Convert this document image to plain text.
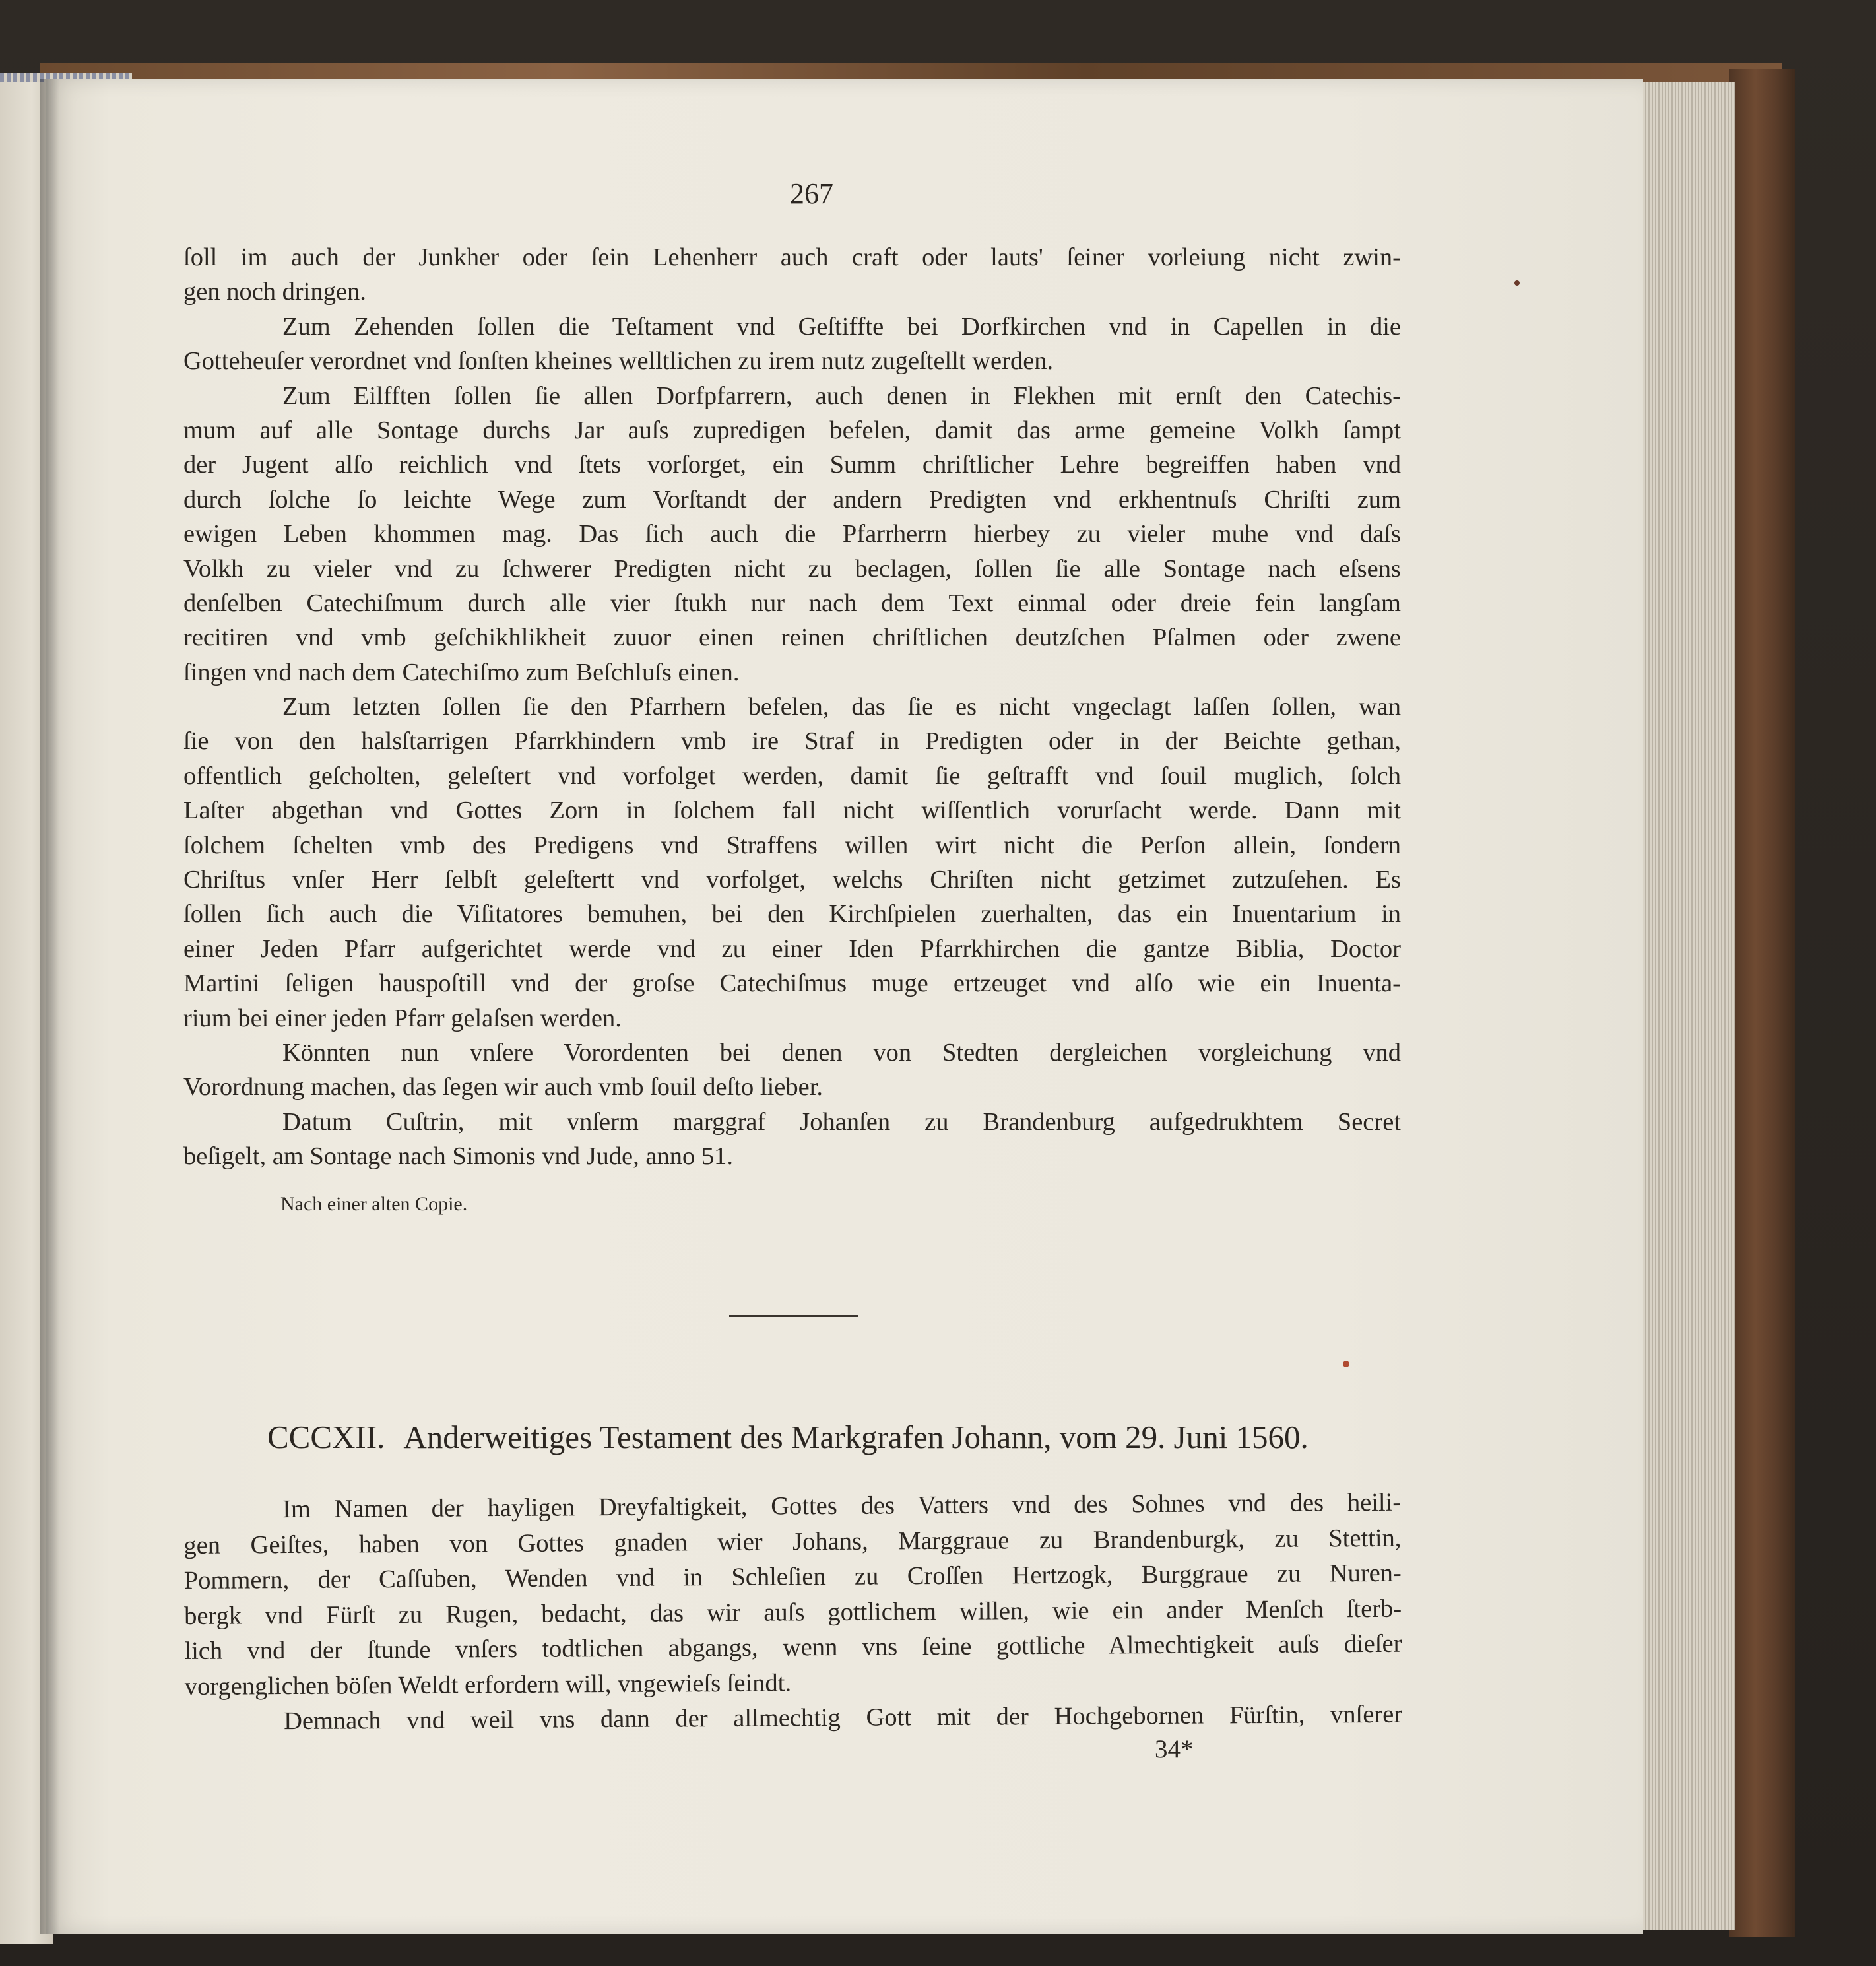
267
ſoll im auch der Junkher oder ſein Lehenherr auch craft oder lauts' ſeiner vorleiung nicht zwin-
gen noch dringen.
Zum Zehenden ſollen die Teſtament vnd Geſtiffte bei Dorfkirchen vnd in Capellen in die
Gotteheuſer verordnet vnd ſonſten kheines welltlichen zu irem nutz zugeſtellt werden.
Zum Eilfften ſollen ſie allen Dorfpfarrern, auch denen in Flekhen mit ernſt den Catechis-
mum auf alle Sontage durchs Jar auſs zupredigen befelen, damit das arme gemeine Volkh ſampt
der Jugent alſo reichlich vnd ſtets vorſorget, ein Summ chriſtlicher Lehre begreiffen haben vnd
durch ſolche ſo leichte Wege zum Vorſtandt der andern Predigten vnd erkhentnuſs Chriſti zum
ewigen Leben khommen mag. Das ſich auch die Pfarrherrn hierbey zu vieler muhe vnd daſs
Volkh zu vieler vnd zu ſchwerer Predigten nicht zu beclagen, ſollen ſie alle Sontage nach eſsens
denſelben Catechiſmum durch alle vier ſtukh nur nach dem Text einmal oder dreie fein langſam
recitiren vnd vmb geſchikhlikheit zuuor einen reinen chriſtlichen deutzſchen Pſalmen oder zwene
ſingen vnd nach dem Catechiſmo zum Beſchluſs einen.
Zum letzten ſollen ſie den Pfarrhern befelen, das ſie es nicht vngeclagt laſſen ſollen, wan
ſie von den halsſtarrigen Pfarrkhindern vmb ire Straf in Predigten oder in der Beichte gethan,
offentlich geſcholten, geleſtert vnd vorfolget werden, damit ſie geſtrafft vnd ſouil muglich, ſolch
Laſter abgethan vnd Gottes Zorn in ſolchem fall nicht wiſſentlich vorurſacht werde. Dann mit
ſolchem ſchelten vmb des Predigens vnd Straffens willen wirt nicht die Perſon allein, ſondern
Chriſtus vnſer Herr ſelbſt geleſtertt vnd vorfolget, welchs Chriſten nicht getzimet zutzuſehen. Es
ſollen ſich auch die Viſitatores bemuhen, bei den Kirchſpielen zuerhalten, das ein Inuentarium in
einer Jeden Pfarr aufgerichtet werde vnd zu einer Iden Pfarrkhirchen die gantze Biblia, Doctor
Martini ſeligen hauspoſtill vnd der groſse Catechiſmus muge ertzeuget vnd alſo wie ein Inuenta-
rium bei einer jeden Pfarr gelaſsen werden.
Könnten nun vnſere Vorordenten bei denen von Stedten dergleichen vorgleichung vnd
Vorordnung machen, das ſegen wir auch vmb ſouil deſto lieber.
Datum Cuſtrin, mit vnſerm marggraf Johanſen zu Brandenburg aufgedrukhtem Secret
beſigelt, am Sontage nach Simonis vnd Jude, anno 51.
Nach einer alten Copie.
CCCXII. Anderweitiges Testament des Markgrafen Johann, vom 29. Juni 1560.
Im Namen der hayligen Dreyfaltigkeit, Gottes des Vatters vnd des Sohnes vnd des heili-
gen Geiſtes, haben von Gottes gnaden wier Johans, Marggraue zu Brandenburgk, zu Stettin,
Pommern, der Caſſuben, Wenden vnd in Schleſien zu Croſſen Hertzogk, Burggraue zu Nuren-
bergk vnd Fürſt zu Rugen, bedacht, das wir auſs gottlichem willen, wie ein ander Menſch ſterb-
lich vnd der ſtunde vnſers todtlichen abgangs, wenn vns ſeine gottliche Almechtigkeit auſs dieſer
vorgenglichen böſen Weldt erfordern will, vngewieſs ſeindt.
Demnach vnd weil vns dann der allmechtig Gott mit der Hochgebornen Fürſtin, vnſerer
34*
